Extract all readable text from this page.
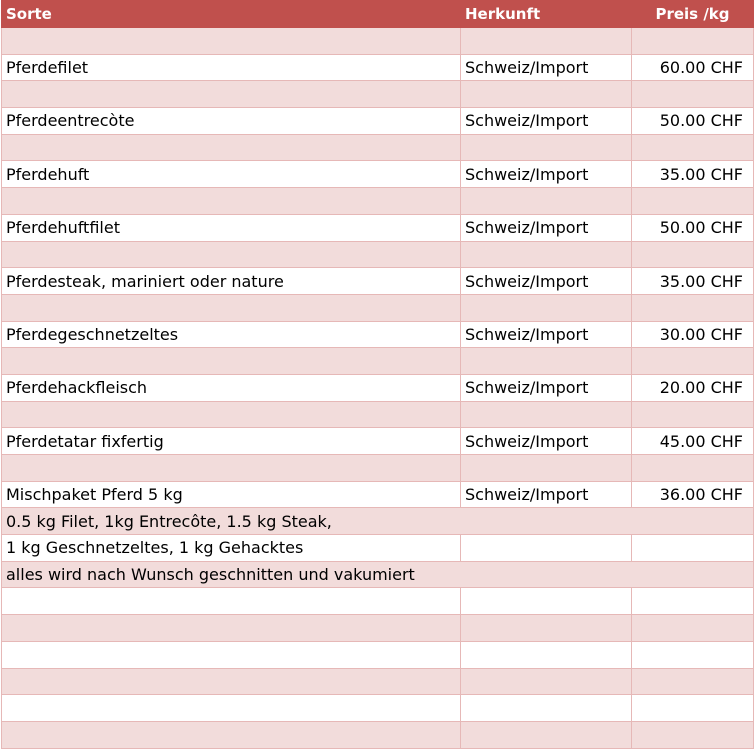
Sorte	Herkunft	Preis /kg

Pferdefilet	Schweiz/Import	60.00 CHF

Pferdeentrecòte	Schweiz/Import	50.00 CHF

Pferdehuft	Schweiz/Import	35.00 CHF

Pferdehuftfilet	Schweiz/Import	50.00 CHF

Pferdesteak, mariniert oder nature	Schweiz/Import	35.00 CHF

Pferdegeschnetzeltes	Schweiz/Import	30.00 CHF

Pferdehackfleisch	Schweiz/Import	20.00 CHF

Pferdetatar fixfertig	Schweiz/Import	45.00 CHF

Mischpaket Pferd 5 kg	Schweiz/Import	36.00 CHF
0.5 kg Filet, 1kg Entrecôte, 1.5 kg Steak,		
1 kg Geschnetzeltes, 1 kg Gehacktes		
alles wird nach Wunsch geschnitten und vakumiert		
